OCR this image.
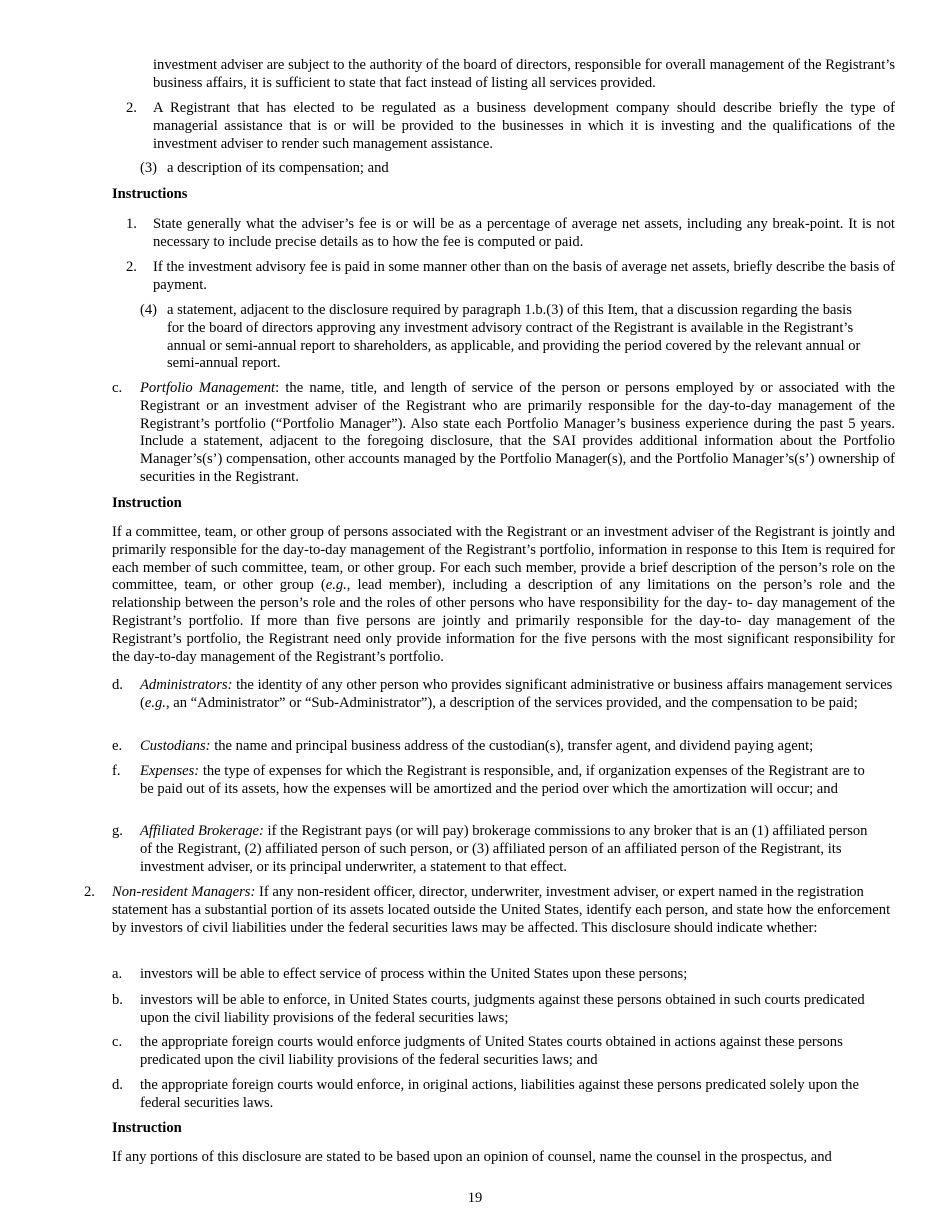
investment adviser are subject to the authority of the board of directors, responsible for overall management of the Registrant’s business affairs, it is sufficient to state that fact instead of listing all services provided.
2. A Registrant that has elected to be regulated as a business development company should describe briefly the type of managerial assistance that is or will be provided to the businesses in which it is investing and the qualifications of the investment adviser to render such management assistance.
(3) a description of its compensation; and
Instructions
1. State generally what the adviser’s fee is or will be as a percentage of average net assets, including any break-point. It is not necessary to include precise details as to how the fee is computed or paid.
2. If the investment advisory fee is paid in some manner other than on the basis of average net assets, briefly describe the basis of payment.
(4) a statement, adjacent to the disclosure required by paragraph 1.b.(3) of this Item, that a discussion regarding the basis for the board of directors approving any investment advisory contract of the Registrant is available in the Registrant’s annual or semi-annual report to shareholders, as applicable, and providing the period covered by the relevant annual or semi-annual report.
c. Portfolio Management: the name, title, and length of service of the person or persons employed by or associated with the Registrant or an investment adviser of the Registrant who are primarily responsible for the day-to-day management of the Registrant’s portfolio (“Portfolio Manager”). Also state each Portfolio Manager’s business experience during the past 5 years. Include a statement, adjacent to the foregoing disclosure, that the SAI provides additional information about the Portfolio Manager’s(s’) compensation, other accounts managed by the Portfolio Manager(s), and the Portfolio Manager’s(s’) ownership of securities in the Registrant.
Instruction
If a committee, team, or other group of persons associated with the Registrant or an investment adviser of the Registrant is jointly and primarily responsible for the day-to-day management of the Registrant’s portfolio, information in response to this Item is required for each member of such committee, team, or other group. For each such member, provide a brief description of the person’s role on the committee, team, or other group (e.g., lead member), including a description of any limitations on the person’s role and the relationship between the person’s role and the roles of other persons who have responsibility for the day- to- day management of the Registrant’s portfolio. If more than five persons are jointly and primarily responsible for the day-to- day management of the Registrant’s portfolio, the Registrant need only provide information for the five persons with the most significant responsibility for the day-to-day management of the Registrant’s portfolio.
d. Administrators: the identity of any other person who provides significant administrative or business affairs management services (e.g., an “Administrator” or “Sub-Administrator”), a description of the services provided, and the compensation to be paid;
e. Custodians: the name and principal business address of the custodian(s), transfer agent, and dividend paying agent;
f. Expenses: the type of expenses for which the Registrant is responsible, and, if organization expenses of the Registrant are to be paid out of its assets, how the expenses will be amortized and the period over which the amortization will occur; and
g. Affiliated Brokerage: if the Registrant pays (or will pay) brokerage commissions to any broker that is an (1) affiliated person of the Registrant, (2) affiliated person of such person, or (3) affiliated person of an affiliated person of the Registrant, its investment adviser, or its principal underwriter, a statement to that effect.
2. Non-resident Managers: If any non-resident officer, director, underwriter, investment adviser, or expert named in the registration statement has a substantial portion of its assets located outside the United States, identify each person, and state how the enforcement by investors of civil liabilities under the federal securities laws may be affected. This disclosure should indicate whether:
a. investors will be able to effect service of process within the United States upon these persons;
b. investors will be able to enforce, in United States courts, judgments against these persons obtained in such courts predicated upon the civil liability provisions of the federal securities laws;
c. the appropriate foreign courts would enforce judgments of United States courts obtained in actions against these persons predicated upon the civil liability provisions of the federal securities laws; and
d. the appropriate foreign courts would enforce, in original actions, liabilities against these persons predicated solely upon the federal securities laws.
Instruction
If any portions of this disclosure are stated to be based upon an opinion of counsel, name the counsel in the prospectus, and
19
